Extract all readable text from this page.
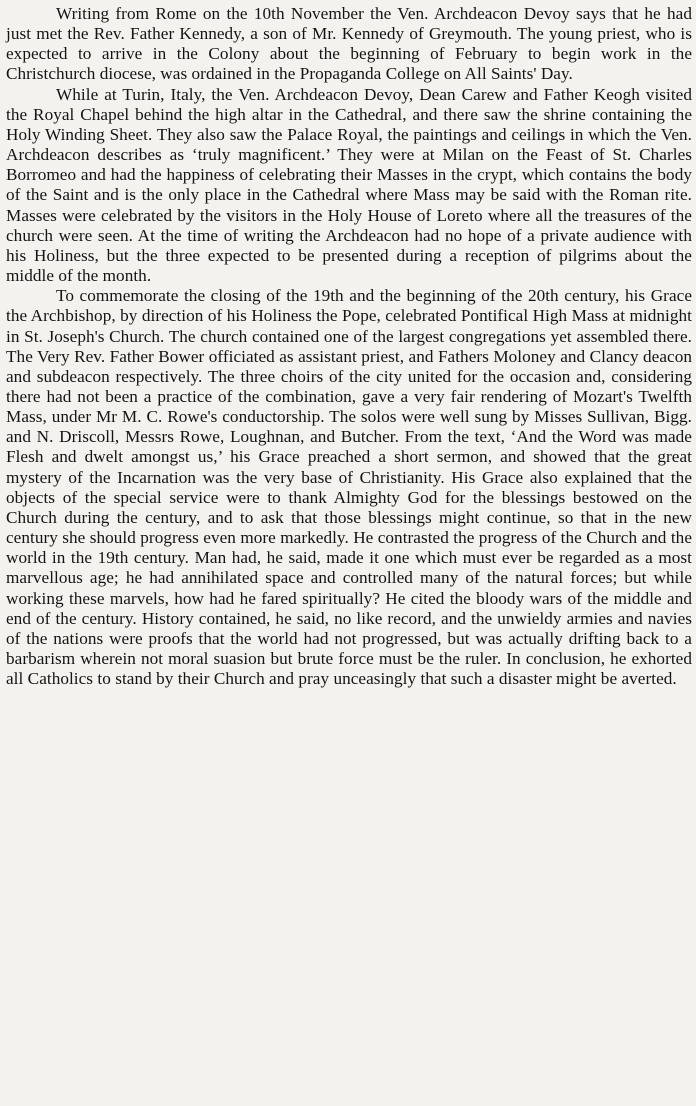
Writing from Rome on the 10th November the Ven. Archdeacon Devoy says that he had just met the Rev. Father Kennedy, a son of Mr. Kennedy of Greymouth. The young priest, who is expected to arrive in the Colony about the beginning of February to begin work in the Christchurch diocese, was ordained in the Propaganda College on All Saints' Day.

While at Turin, Italy, the Ven. Archdeacon Devoy, Dean Carew and Father Keogh visited the Royal Chapel behind the high altar in the Cathedral, and there saw the shrine containing the Holy Winding Sheet. They also saw the Palace Royal, the paintings and ceilings in which the Ven. Archdeacon describes as ‘truly magnificent.’ They were at Milan on the Feast of St. Charles Borromeo and had the happiness of celebrating their Masses in the crypt, which contains the body of the Saint and is the only place in the Cathedral where Mass may be said with the Roman rite. Masses were celebrated by the visitors in the Holy House of Loreto where all the treasures of the church were seen. At the time of writing the Archdeacon had no hope of a private audience with his Holiness, but the three expected to be presented during a reception of pilgrims about the middle of the month.

To commemorate the closing of the 19th and the beginning of the 20th century, his Grace the Archbishop, by direction of his Holiness the Pope, celebrated Pontifical High Mass at midnight in St. Joseph's Church. The church contained one of the largest congregations yet assembled there. The Very Rev. Father Bower officiated as assistant priest, and Fathers Moloney and Clancy deacon and subdeacon respectively. The three choirs of the city united for the occasion and, considering there had not been a practice of the combination, gave a very fair rendering of Mozart's Twelfth Mass, under Mr M. C. Rowe's conductorship. The solos were well sung by Misses Sullivan, Bigg. and N. Driscoll, Messrs Rowe, Loughnan, and Butcher. From the text, ‘And the Word was made Flesh and dwelt amongst us,’ his Grace preached a short sermon, and showed that the great mystery of the Incarnation was the very base of Christianity. His Grace also explained that the objects of the special service were to thank Almighty God for the blessings bestowed on the Church during the century, and to ask that those blessings might continue, so that in the new century she should progress even more markedly. He contrasted the progress of the Church and the world in the 19th century. Man had, he said, made it one which must ever be regarded as a most marvellous age; he had annihilated space and controlled many of the natural forces; but while working these marvels, how had he fared spiritually? He cited the bloody wars of the middle and end of the century. History contained, he said, no like record, and the unwieldy armies and navies of the nations were proofs that the world had not progressed, but was actually drifting back to a barbarism wherein not moral suasion but brute force must be the ruler. In conclusion, he exhorted all Catholics to stand by their Church and pray unceasingly that such a disaster might be averted.
